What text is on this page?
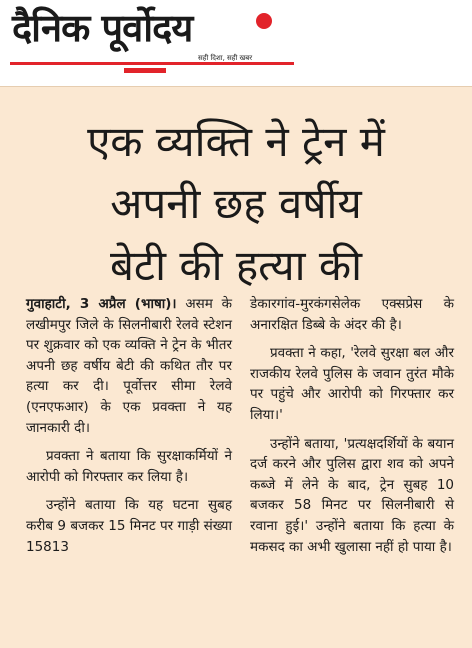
दैनिक पूर्वोदय
सही दिशा, सही खबर
एक व्यक्ति ने ट्रेन में
अपनी छह वर्षीय
बेटी की हत्या की

गुवाहाटी, 3 अप्रैल (भाषा)। असम के लखीमपुर जिले के सिलनीबारी रेलवे स्टेशन पर शुक्रवार को एक व्यक्ति ने ट्रेन के भीतर अपनी छह वर्षीय बेटी की कथित तौर पर हत्या कर दी। पूर्वोत्तर सीमा रेलवे (एनएफआर) के एक प्रवक्ता ने यह जानकारी दी।

प्रवक्ता ने बताया कि सुरक्षाकर्मियों ने आरोपी को गिरफ्तार कर लिया है।

उन्होंने बताया कि यह घटना सुबह करीब 9 बजकर 15 मिनट पर गाड़ी संख्या 15813

डेकारगांव-मुरकंगसेलेक एक्सप्रेस के अनारक्षित डिब्बे के अंदर की है।

प्रवक्ता ने कहा, 'रेलवे सुरक्षा बल और राजकीय रेलवे पुलिस के जवान तुरंत मौके पर पहुंचे और आरोपी को गिरफ्तार कर लिया।'

उन्होंने बताया, 'प्रत्यक्षदर्शियों के बयान दर्ज करने और पुलिस द्वारा शव को अपने कब्जे में लेने के बाद, ट्रेन सुबह 10 बजकर 58 मिनट पर सिलनीबारी से रवाना हुई।' उन्होंने बताया कि हत्या के मकसद का अभी खुलासा नहीं हो पाया है।
